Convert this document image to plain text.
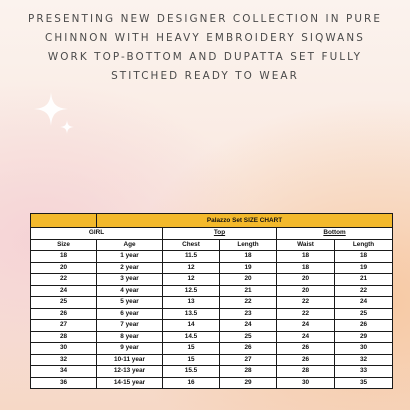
PRESENTING NEW DESIGNER COLLECTION IN PURE
CHINNON WITH HEAVY EMBROIDERY SIQWANS
WORK TOP-BOTTOM AND DUPATTA SET FULLY
STITCHED READY TO WEAR
	Palazzo Set SIZE CHART				
GIRL		Top		Bottom	
Size	Age	Chest	Length	Waist	Length
18	1 year	11.5	18	18	18
20	2 year	12	19	18	19
22	3 year	12	20	20	21
24	4 year	12.5	21	20	22
25	5 year	13	22	22	24
26	6 year	13.5	23	22	25
27	7 year	14	24	24	26
28	8 year	14.5	25	24	29
30	9 year	15	26	26	30
32	10-11 year	15	27	26	32
34	12-13 year	15.5	28	28	33
36	14-15 year	16	29	30	35
